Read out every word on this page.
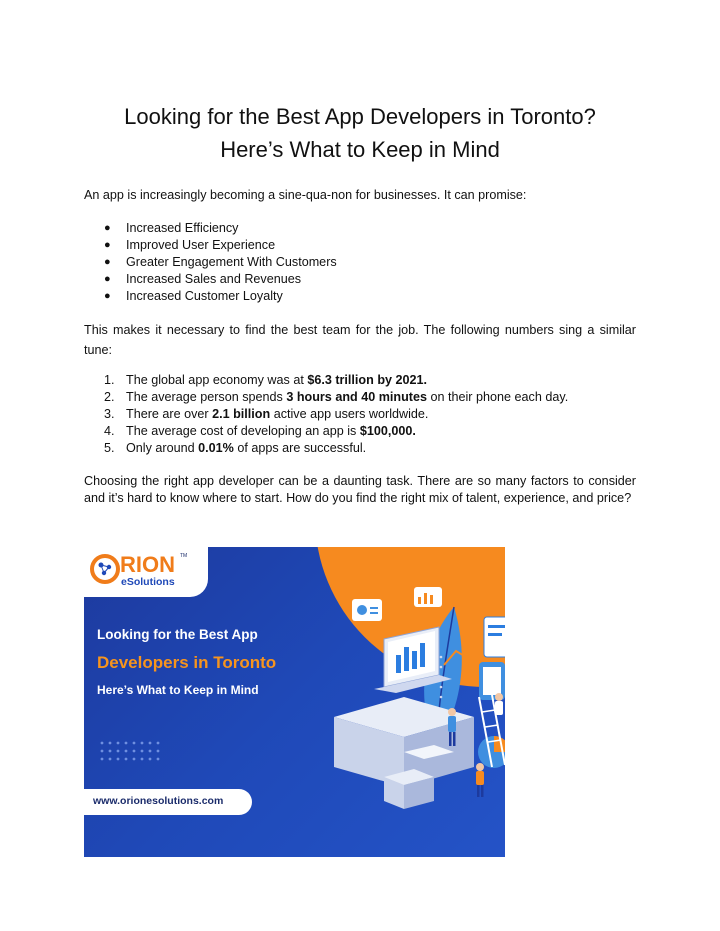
Looking for the Best App Developers in Toronto?
Here’s What to Keep in Mind
An app is increasingly becoming a sine-qua-non for businesses. It can promise:
● Increased Efficiency
● Improved User Experience
● Greater Engagement With Customers
● Increased Sales and Revenues
● Increased Customer Loyalty
This makes it necessary to find the best team for the job. The following numbers sing a similar tune:
1. The global app economy was at $6.3 trillion by 2021.
2. The average person spends 3 hours and 40 minutes on their phone each day.
3. There are over 2.1 billion active app users worldwide.
4. The average cost of developing an app is $100,000.
5. Only around 0.01% of apps are successful.
Choosing the right app developer can be a daunting task. There are so many factors to consider and it’s hard to know where to start. How do you find the right mix of talent, experience, and price?
RION TM
eSolutions
Looking for the Best App
Developers in Toronto
Here’s What to Keep in Mind
www.orionesolutions.com
